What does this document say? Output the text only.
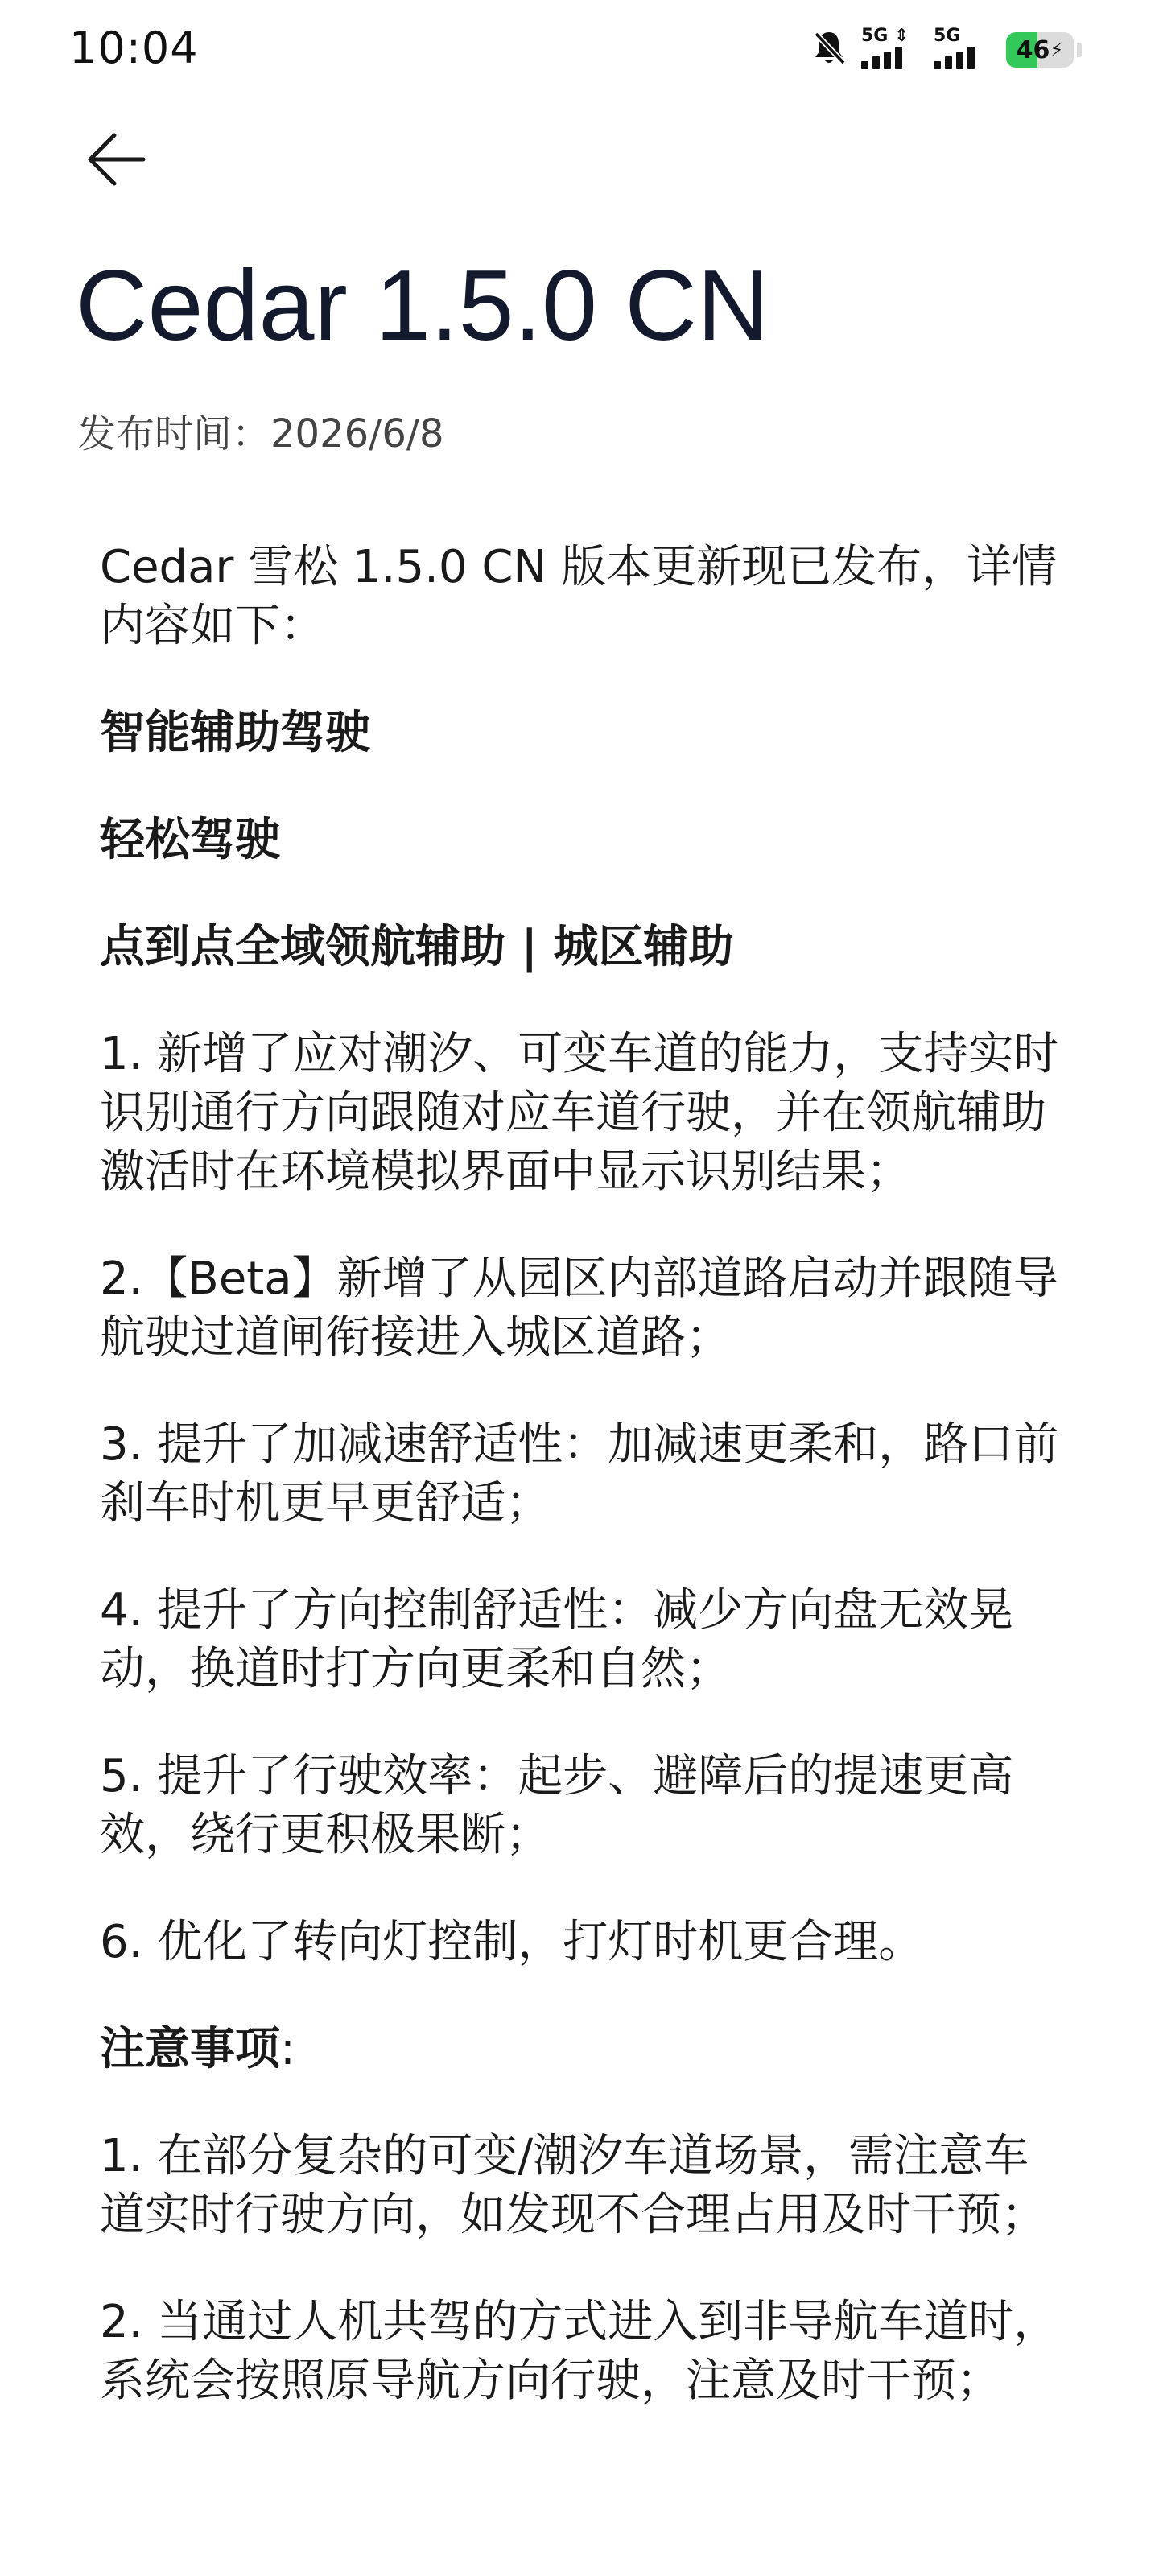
10:04	5G ⇕ 5G 46 ⚡
Cedar 1.5.0 CN
发布时间：2026/6/8

Cedar 雪松 1.5.0 CN 版本更新现已发布，详情内容如下：

智能辅助驾驶

轻松驾驶

点到点全域领航辅助 | 城区辅助

1. 新增了应对潮汐、可变车道的能力，支持实时识别通行方向跟随对应车道行驶，并在领航辅助激活时在环境模拟界面中显示识别结果；

2.【Beta】新增了从园区内部道路启动并跟随导航驶过道闸衔接进入城区道路；

3. 提升了加减速舒适性：加减速更柔和，路口前刹车时机更早更舒适；

4. 提升了方向控制舒适性：减少方向盘无效晃动，换道时打方向更柔和自然；

5. 提升了行驶效率：起步、避障后的提速更高效，绕行更积极果断；

6. 优化了转向灯控制，打灯时机更合理。

注意事项:

1. 在部分复杂的可变/潮汐车道场景，需注意车道实时行驶方向，如发现不合理占用及时干预；

2. 当通过人机共驾的方式进入到非导航车道时，系统会按照原导航方向行驶，注意及时干预；
